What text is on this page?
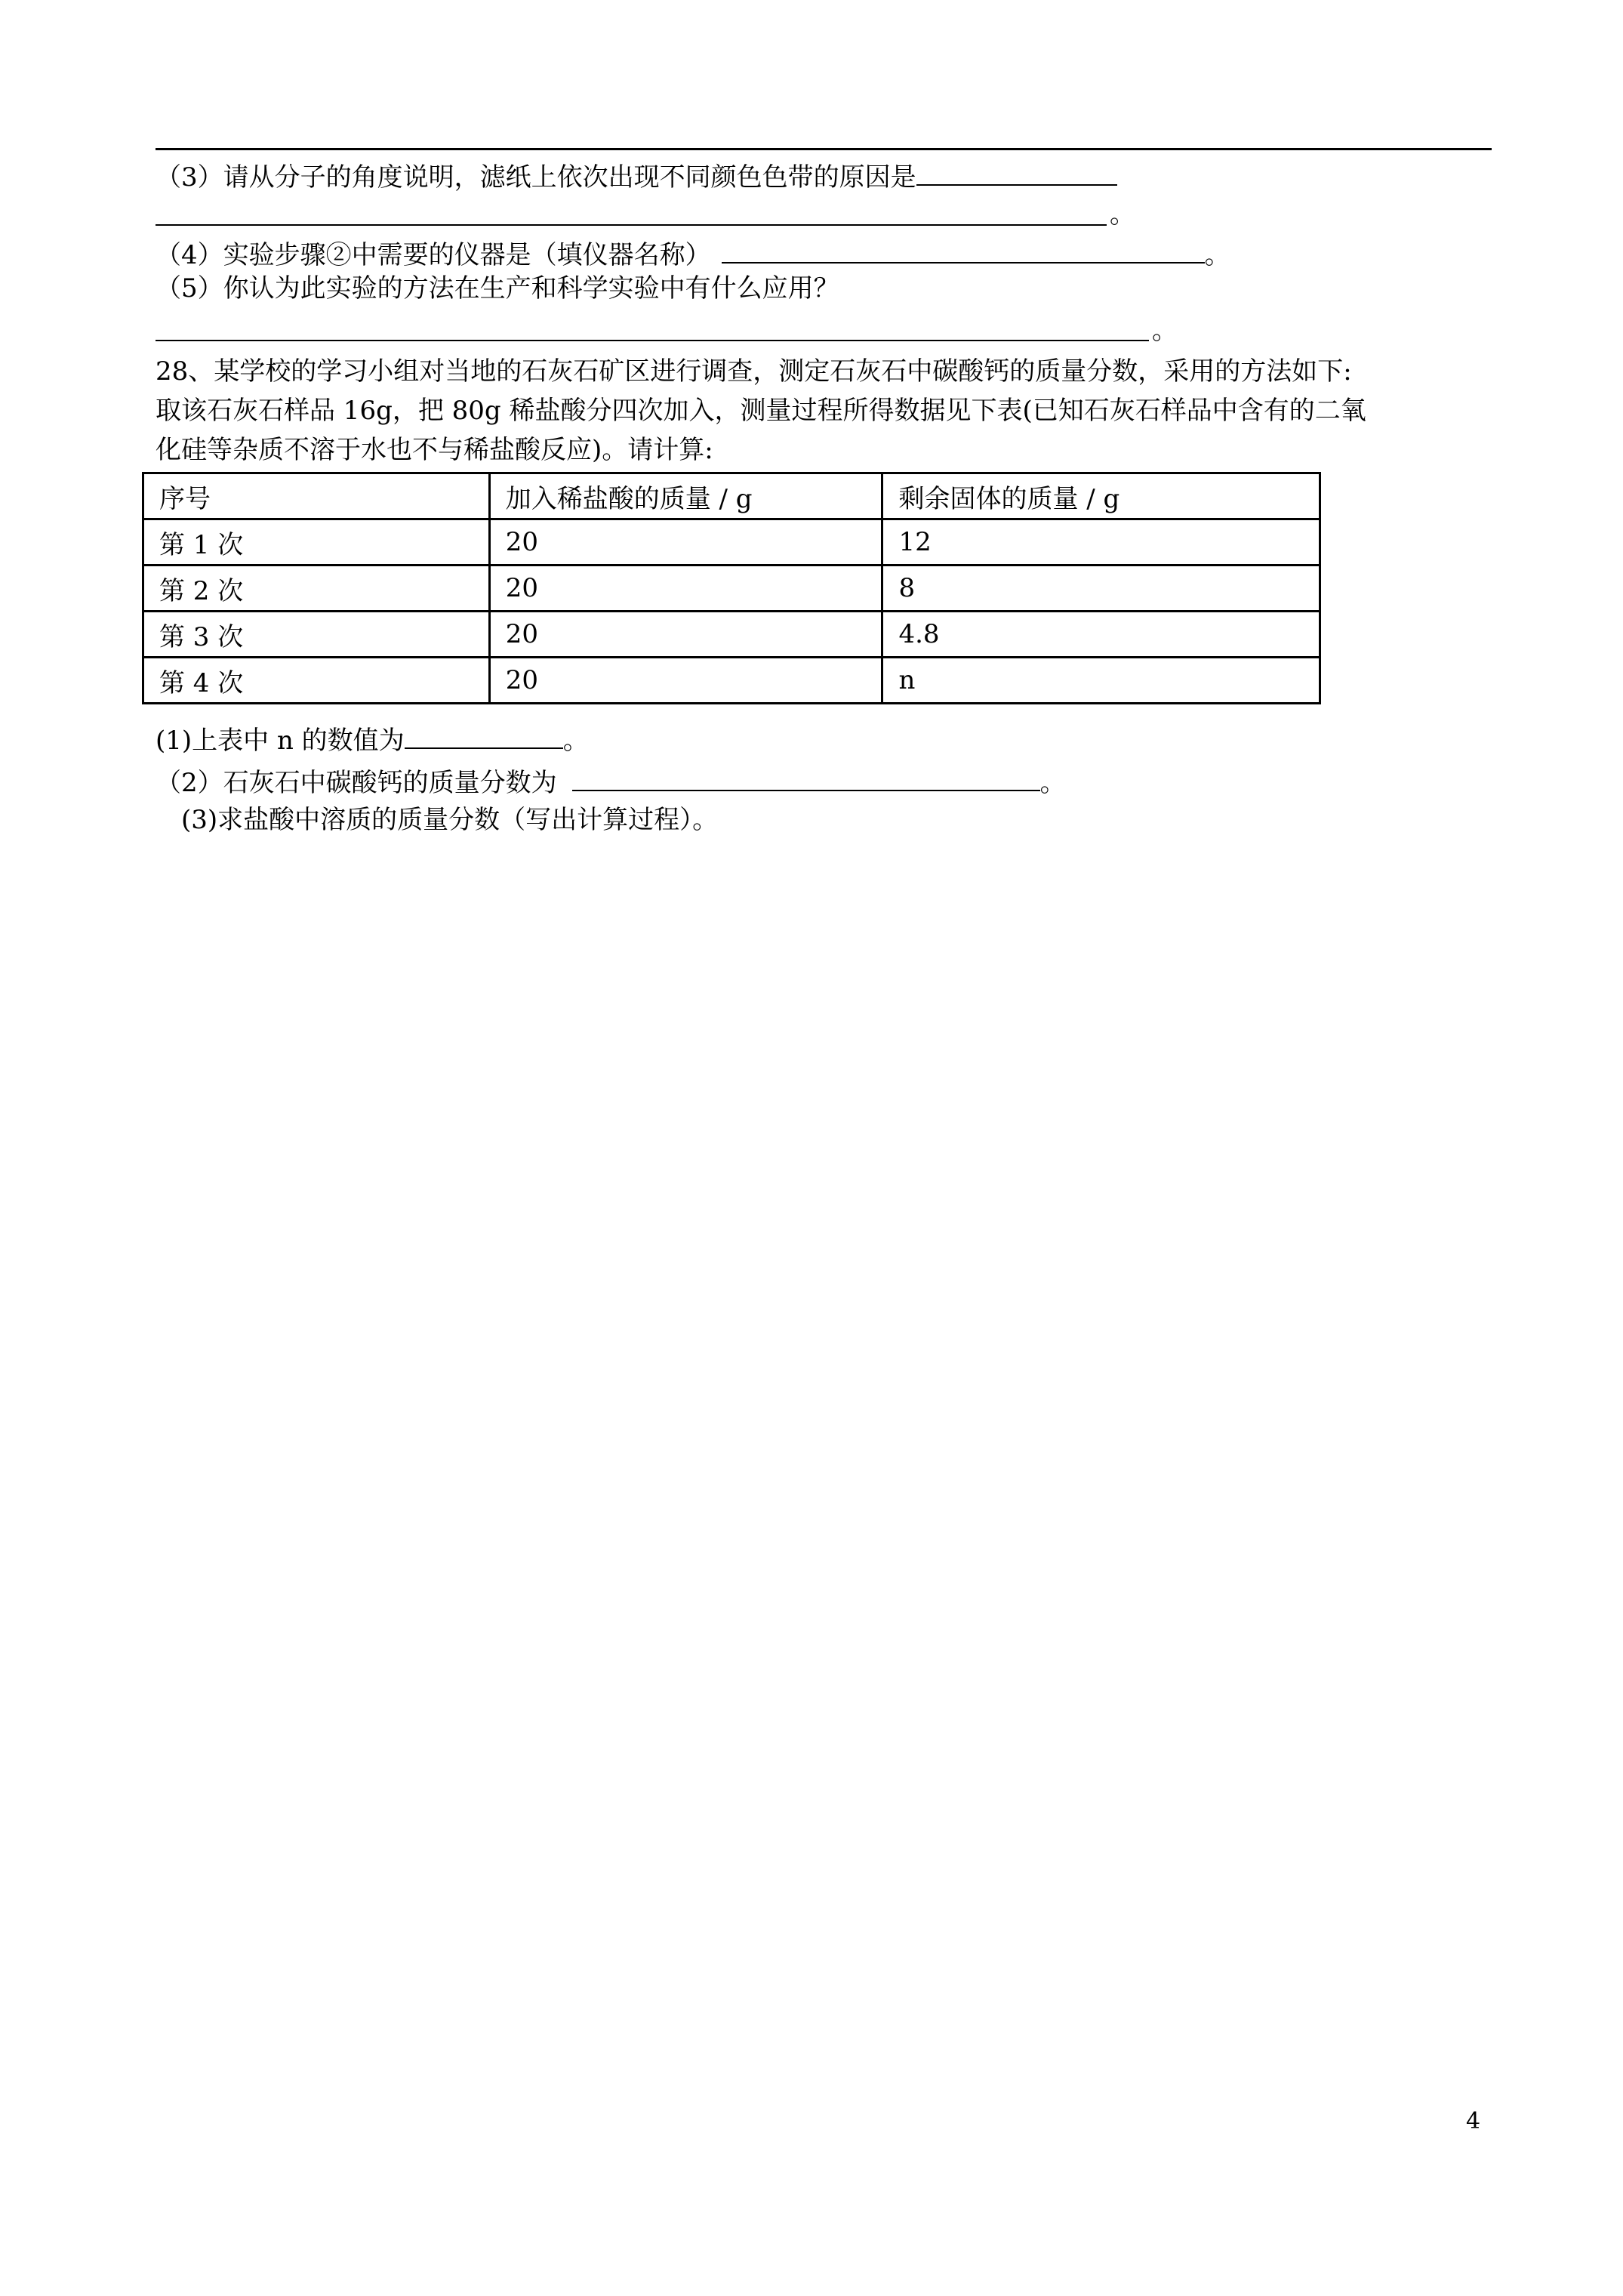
（3）请从分子的角度说明，滤纸上依次出现不同颜色色带的原因是
。
（4）实验步骤②中需要的仪器是（填仪器名称）	。
（5）你认为此实验的方法在生产和科学实验中有什么应用？
。
28、某学校的学习小组对当地的石灰石矿区进行调查，测定石灰石中碳酸钙的质量分数，采用的方法如下:
取该石灰石样品 16g，把 80g 稀盐酸分四次加入，测量过程所得数据见下表(已知石灰石样品中含有的二氧
化硅等杂质不溶于水也不与稀盐酸反应)。请计算:
序号	加入稀盐酸的质量 / g	剩余固体的质量 / g
第 1 次	20	12
第 2 次	20	8
第 3 次	20	4.8
第 4 次	20	n
(1)上表中 n 的数值为	。
（2）石灰石中碳酸钙的质量分数为	。
(3)求盐酸中溶质的质量分数（写出计算过程）。
4
